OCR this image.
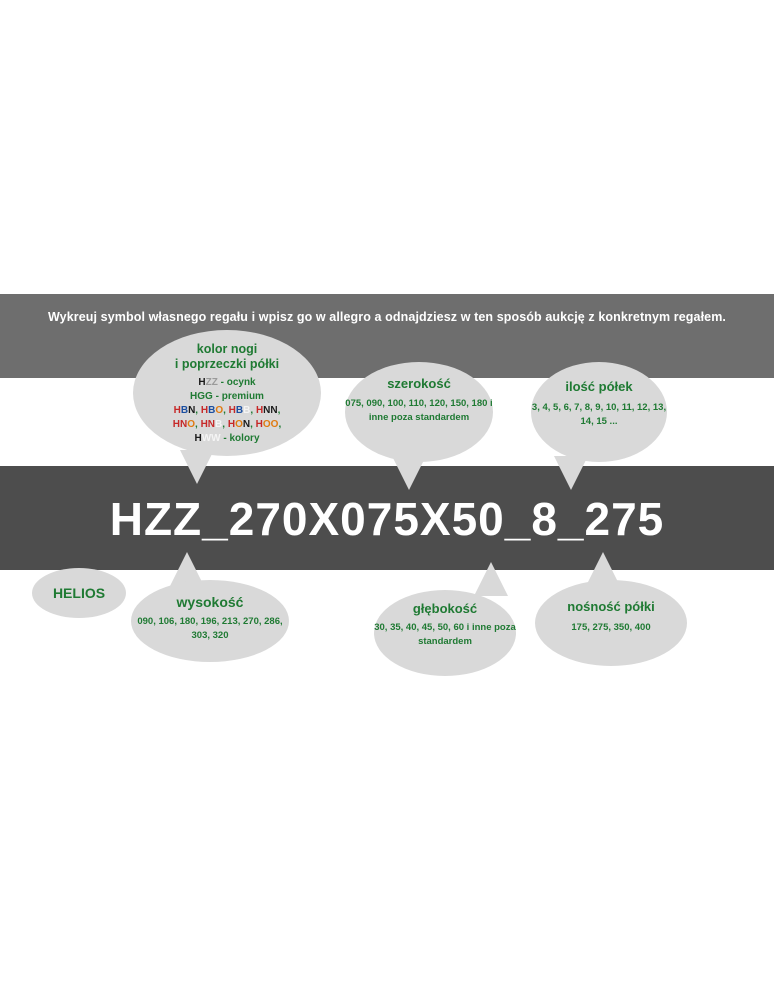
Wykreuj symbol własnego regału i wpisz go w allegro a odnajdziesz w ten sposób aukcję z konkretnym regałem.
HZZ_270X075X50_8_275
kolor nogi
i poprzeczki półki
HZZ - ocynk
HGG - premium
HBN, HBO, HBB, HNN,
HNO, HNB, HON, HOO,
HWW - kolory
szerokość
075, 090, 100, 110, 120, 150, 180 i inne poza standardem
ilość półek
3, 4, 5, 6, 7, 8, 9, 10, 11, 12, 13, 14, 15 ...
HELIOS
wysokość
090, 106, 180, 196, 213, 270, 286, 303, 320
głębokość
30, 35, 40, 45, 50, 60 i inne poza standardem
nośność półki
175, 275, 350, 400
